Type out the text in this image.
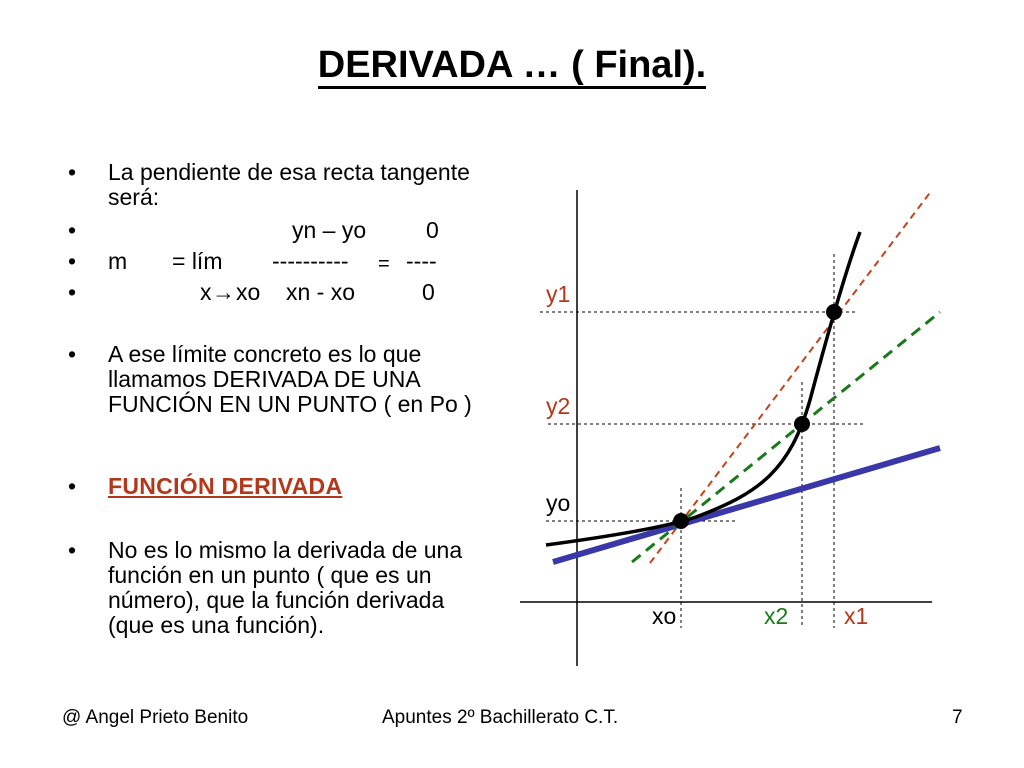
DERIVADA … ( Final).
• La pendiente de esa recta tangente será:
•	yn – yo	0
• m = lím ---------- = ----
•	x → xo xn - xo	0
• A ese límite concreto es lo que llamamos DERIVADA DE UNA FUNCIÓN EN UN PUNTO ( en Po )
• FUNCIÓN DERIVADA
• No es lo mismo la derivada de una función en un punto ( que es un número), que la función derivada (que es una función).
y1
y2
yo
xo	x2 x1
@ Angel Prieto Benito	Apuntes 2º Bachillerato C.T.	7
